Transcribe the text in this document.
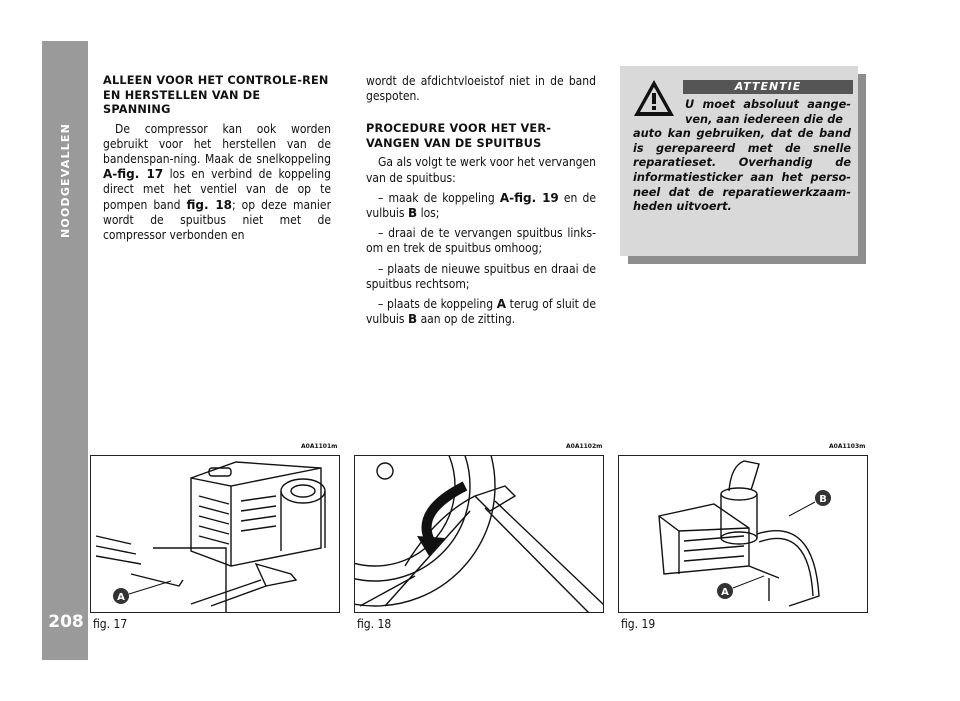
NOODGEVALLEN
208
ALLEEN VOOR HET CONTROLE-REN EN HERSTELLEN VAN DE SPANNING

De compressor kan ook worden gebruikt voor het herstellen van de bandenspan-ning. Maak de snelkoppeling A-fig. 17 los en verbind de koppeling direct met het ventiel van de op te pompen band fig. 18; op deze manier wordt de spuitbus niet met de compressor verbonden en

wordt de afdichtvloeistof niet in de band gespoten.

PROCEDURE VOOR HET VER-VANGEN VAN DE SPUITBUS

Ga als volgt te werk voor het vervangen van de spuitbus:

– maak de koppeling A-fig. 19 en de vulbuis B los;

– draai de te vervangen spuitbus links-om en trek de spuitbus omhoog;

– plaats de nieuwe spuitbus en draai de spuitbus rechtsom;

– plaats de koppeling A terug of sluit de vulbuis B aan op de zitting.

ATTENTIE
U moet absoluut aange-ven, aan iedereen die de
auto kan gebruiken, dat de band is gerepareerd met de snelle reparatieset. Overhandig de informatiesticker aan het perso-neel dat de reparatiewerkzaam-heden uitvoert.
A0A1101m	A0A1102m	A0A1103m
A
B
A
fig. 17	fig. 18	fig. 19
